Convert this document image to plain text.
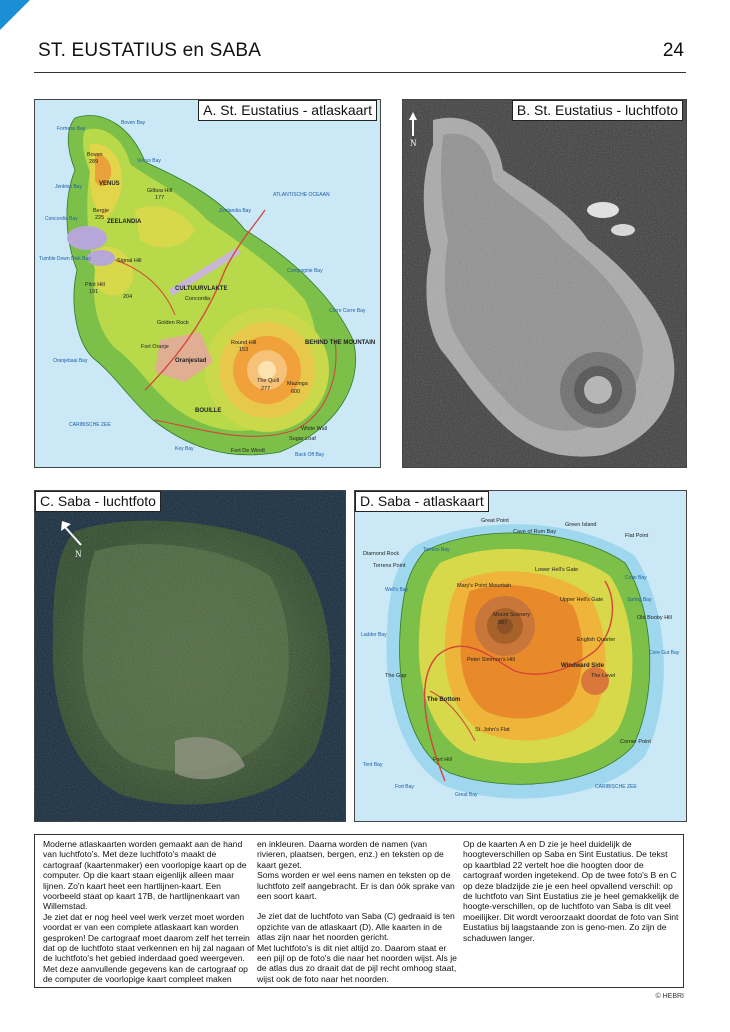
ST. EUSTATIUS en SABA	24
VENUS
ZEELANDIA
CULTUURVLAKTE
Oranjestad
Concordia
Golden Rock
BEHIND THE MOUNTAIN
BOUILLE
The Quill
277
Mazinga
600
Boven
289
Gilboa Hill
177
Round Hill
153
Signal Hill
204
Pilot Hill
191
Bergje
225
Fort Oranje
White Wall
Sugar Loaf
Fort De Windt
ATLANTISCHE OCEAAN
CARIBISCHE ZEE
Boven Bay
Venus Bay
Tumble Down Dick Bay
Oranjebaai Bay
Compagnie Bay
Corre Corre Bay
Key Bay
Back Off Bay
Jenkins Bay
Concordia Bay
Zeelandia Bay
Fortress Bay
A. St. Eustatius - atlaskaart
N
B. St. Eustatius - luchtfoto
N
C. Saba - luchtfoto
Great Point
Cave of Rum Bay
Green Island
Flat Point
Diamond Rock
Torrens Point
Torrens Bay
Well's Bay
Ladder Bay
Tent Bay
Fort Bay
Great Bay
Cove Bay
Spring Bay
Old Booby Hill
Core Gut Bay
Corner Point
Mount Scenery
887
Mary's Point Mountain
Lower Hell's Gate
Upper Hell's Gate
English Quarter
Windward Side
The Level
Peter Simmon's Hill
The Gap
The Bottom
St. John's Flat
Fort Hill
CARIBISCHE ZEE
D. Saba - atlaskaart

Moderne atlaskaarten worden gemaakt aan de hand van luchtfoto's. Met deze luchtfoto's maakt de cartograaf (kaartenmaker) een voorlopige kaart op de computer. Op die kaart staan eigenlijk alleen maar lijnen. Zo'n kaart heet een hartlijnen-kaart. Een voorbeeld staat op kaart 17B, de hartlijnenkaart van Willemstad.

Je ziet dat er nog heel veel werk verzet moet worden voordat er van een complete atlaskaart kan worden gesproken! De cartograaf moet daarom zelf het terrein dat op de luchtfoto staat verkennen en hij zal nagaan of de luchtfoto's het gebied inderdaad goed weergeven. Met deze aanvullende gegevens kan de cartograaf op de computer de voorlopige kaart compleet maken

en inkleuren. Daarna worden de namen (van rivieren, plaatsen, bergen, enz.) en teksten op de kaart gezet.

Soms worden er wel eens namen en teksten op de luchtfoto zelf aangebracht. Er is dan óók sprake van een soort kaart.

Je ziet dat de luchtfoto van Saba (C) gedraaid is ten opzichte van de atlaskaart (D). Alle kaarten in de atlas zijn naar het noorden gericht.

Met luchtfoto's is dit niet altijd zo. Daarom staat er een pijl op de foto's die naar het noorden wijst. Als je de atlas dus zo draait dat de pijl recht omhoog staat, wijst ook de foto naar het noorden.

Op de kaarten A en D zie je heel duidelijk de hoogteverschillen op Saba en Sint Eustatius. De tekst op kaartblad 22 vertelt hoe die hoogten door de cartograaf worden ingetekend. Op de twee foto's B en C op deze bladzijde zie je een heel opvallend verschil: op de luchtfoto van Sint Eustatius zie je heel gemakkelijk de hoogte-verschillen, op de luchtfoto van Saba is dit veel moeilijker. Dit wordt veroorzaakt doordat de foto van Sint Eustatius bij laagstaande zon is geno-men. Zo zijn de schaduwen langer.

© HEBRI
